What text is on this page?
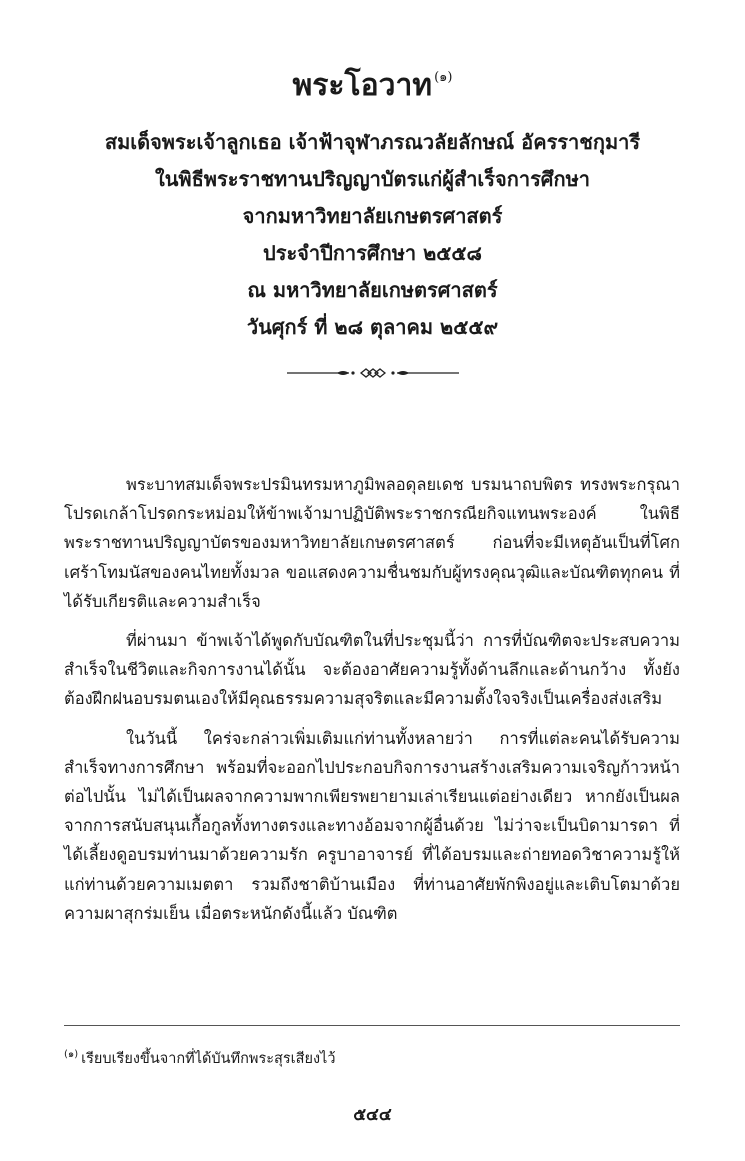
พระโอวาท $^{(๑)}$
สมเด็จพระเจ้าลูกเธอ เจ้าฟ้าจุฬาภรณวลัยลักษณ์ อัครราชกุมารี
ในพิธีพระราชทานปริญญาบัตรแก่ผู้สำเร็จการศึกษา
จากมหาวิทยาลัยเกษตรศาสตร์
ประจำปีการศึกษา ๒๕๕๘
ณ มหาวิทยาลัยเกษตรศาสตร์
วันศุกร์ ที่ ๒๘ ตุลาคม ๒๕๕๙

พระบาทสมเด็จพระปรมินทรมหาภูมิพลอดุลยเดช บรมนาถบพิตร ทรงพระกรุณาโปรดเกล้าโปรดกระหม่อมให้ข้าพเจ้ามาปฏิบัติพระราชกรณียกิจแทนพระองค์ ในพิธีพระราชทานปริญญาบัตรของมหาวิทยาลัยเกษตรศาสตร์ ก่อนที่จะมีเหตุอันเป็นที่โศกเศร้าโทมนัสของคนไทยทั้งมวล ขอแสดงความชื่นชมกับผู้ทรงคุณวุฒิและบัณฑิตทุกคน ที่ได้รับเกียรติและความสำเร็จ

ที่ผ่านมา ข้าพเจ้าได้พูดกับบัณฑิตในที่ประชุมนี้ว่า การที่บัณฑิตจะประสบความสำเร็จในชีวิตและกิจการงานได้นั้น จะต้องอาศัยความรู้ทั้งด้านลึกและด้านกว้าง ทั้งยังต้องฝึกฝนอบรมตนเองให้มีคุณธรรมความสุจริตและมีความตั้งใจจริงเป็นเครื่องส่งเสริม

ในวันนี้ ใคร่จะกล่าวเพิ่มเติมแก่ท่านทั้งหลายว่า การที่แต่ละคนได้รับความสำเร็จทางการศึกษา พร้อมที่จะออกไปประกอบกิจการงานสร้างเสริมความเจริญก้าวหน้าต่อไปนั้น ไม่ได้เป็นผลจากความพากเพียรพยายามเล่าเรียนแต่อย่างเดียว หากยังเป็นผลจากการสนับสนุนเกื้อกูลทั้งทางตรงและทางอ้อมจากผู้อื่นด้วย ไม่ว่าจะเป็นบิดามารดา ที่ได้เลี้ยงดูอบรมท่านมาด้วยความรัก ครูบาอาจารย์ ที่ได้อบรมและถ่ายทอดวิชาความรู้ให้แก่ท่านด้วยความเมตตา รวมถึงชาติบ้านเมือง ที่ท่านอาศัยพักพิงอยู่และเติบโตมาด้วยความผาสุกร่มเย็น เมื่อตระหนักดังนี้แล้ว บัณฑิต

$^{(๑)}$ เรียบเรียงขึ้นจากที่ได้บันทึกพระสุรเสียงไว้
๕๔๔
